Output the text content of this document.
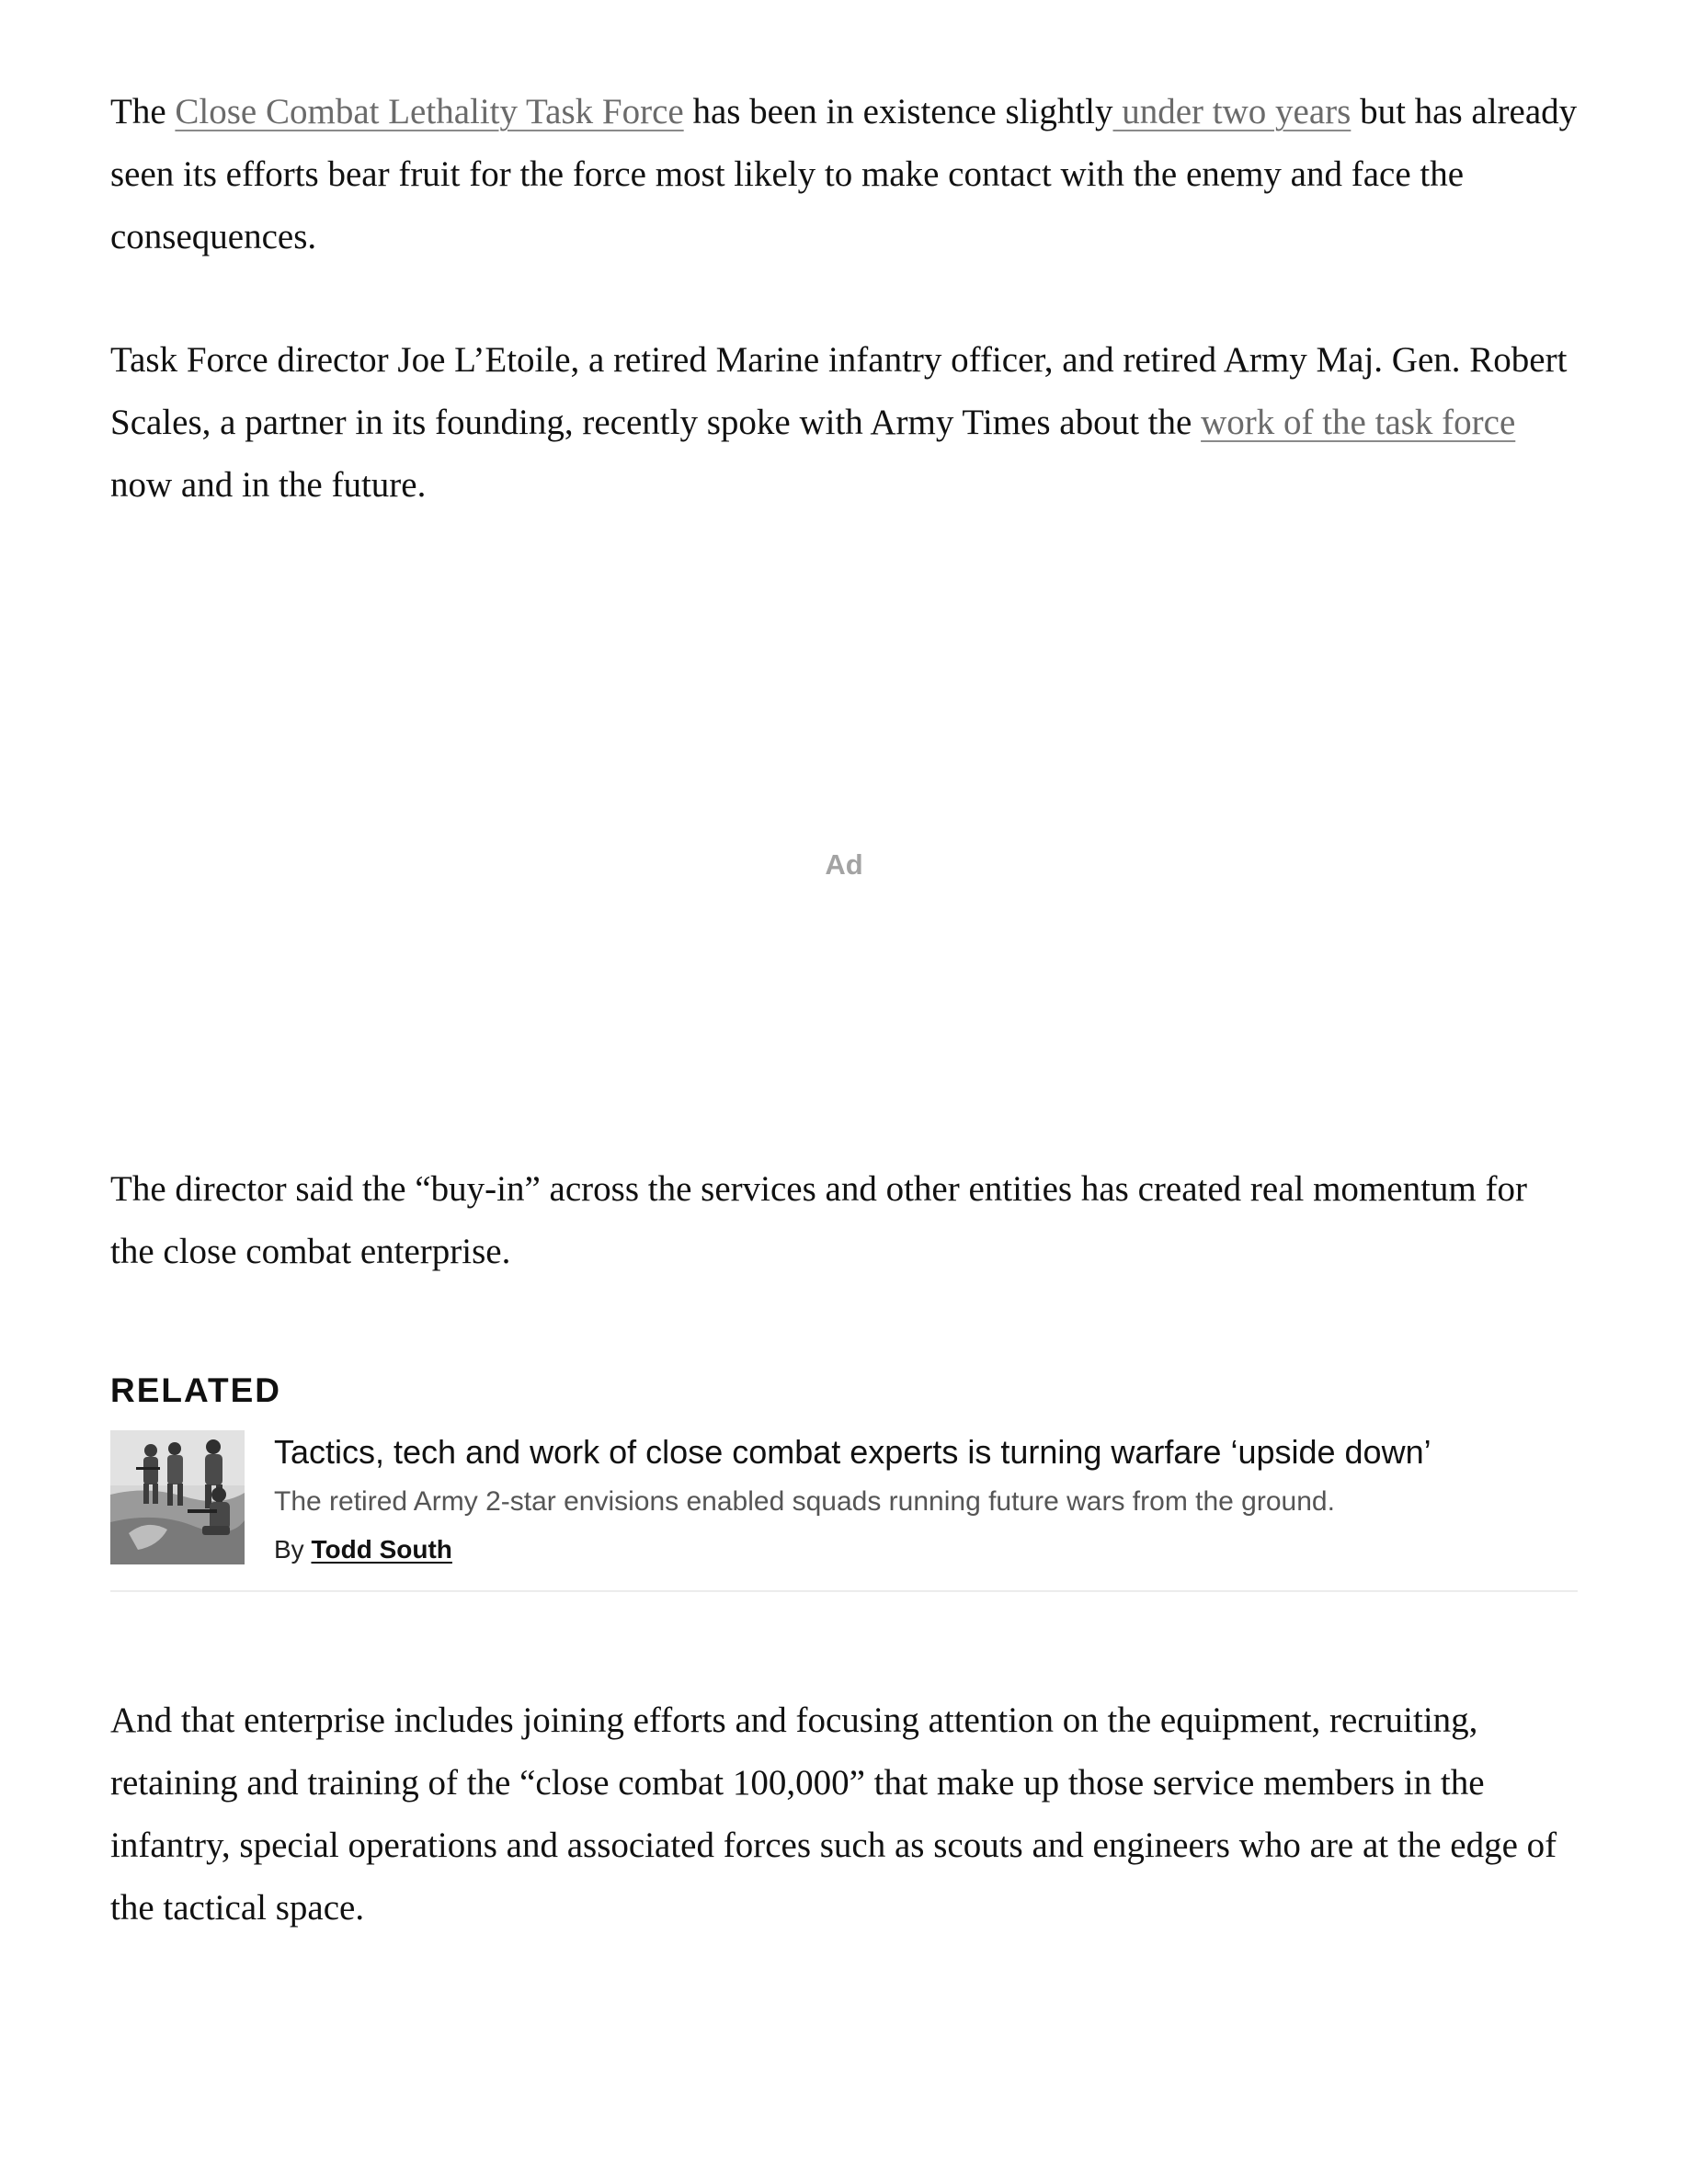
The Close Combat Lethality Task Force has been in existence slightly under two years but has already seen its efforts bear fruit for the force most likely to make contact with the enemy and face the consequences.

Task Force director Joe L’Etoile, a retired Marine infantry officer, and retired Army Maj. Gen. Robert Scales, a partner in its founding, recently spoke with Army Times about the work of the task force now and in the future.

Ad

The director said the “buy-in” across the services and other entities has created real momentum for the close combat enterprise.

RELATED
Tactics, tech and work of close combat experts is turning warfare ‘upside down’

The retired Army 2-star envisions enabled squads running future wars from the ground.

By Todd South

And that enterprise includes joining efforts and focusing attention on the equipment, recruiting, retaining and training of the “close combat 100,000” that make up those service members in the infantry, special operations and associated forces such as scouts and engineers who are at the edge of the tactical space.
